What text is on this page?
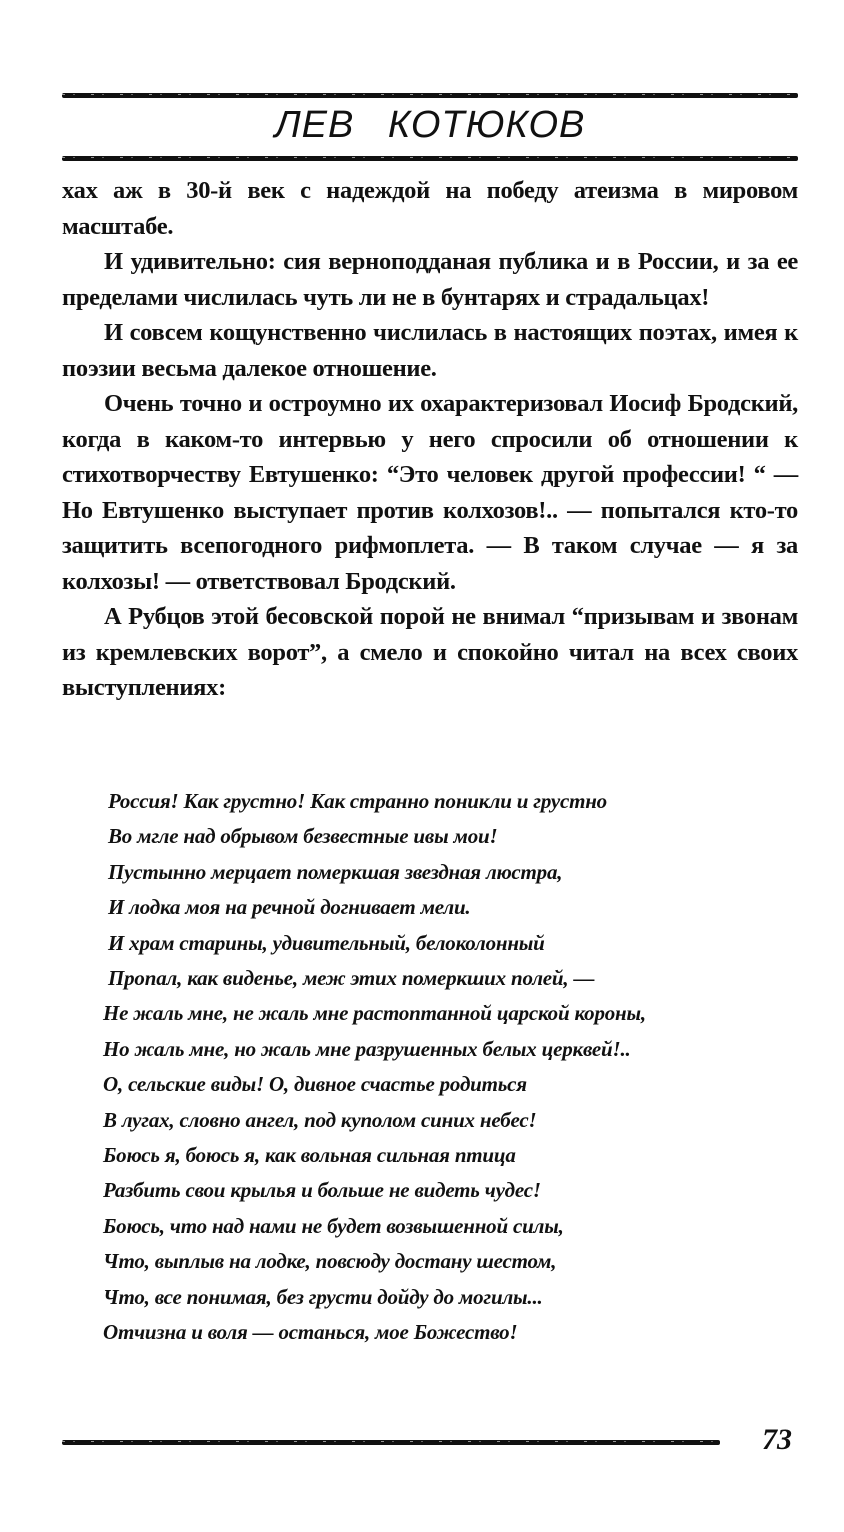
ЛЕВ КОТЮКОВ

хах аж в 30-й век с надеждой на победу атеизма в мировом масштабе.

И удивительно: сия верноподданая публика и в России, и за ее пределами числилась чуть ли не в бунтарях и страдальцах!

И совсем кощунственно числилась в настоящих поэтах, имея к поэзии весьма далекое отношение.

Очень точно и остроумно их охарактеризовал Иосиф Бродский, когда в каком-то интервью у него спросили об отношении к стихотворчеству Евтушенко: “Это человек другой профессии! “ — Но Евтушенко выступает против колхозов!.. — попытался кто-то защитить всепогодного рифмоплета. — В таком случае — я за колхозы! — ответствовал Бродский.

А Рубцов этой бесовской порой не внимал “призывам и звонам из кремлевских ворот”, а смело и спокойно читал на всех своих выступлениях:

Россия! Как грустно! Как странно поникли и грустно
Во мгле над обрывом безвестные ивы мои!
Пустынно мерцает померкшая звездная люстра,
И лодка моя на речной догнивает мели.
И храм старины, удивительный, белоколонный
Пропал, как виденье, меж этих померкших полей, —
Не жаль мне, не жаль мне растоптанной царской короны,
Но жаль мне, но жаль мне разрушенных белых церквей!..
О, сельские виды! О, дивное счастье родиться
В лугах, словно ангел, под куполом синих небес!
Боюсь я, боюсь я, как вольная сильная птица
Разбить свои крылья и больше не видеть чудес!
Боюсь, что над нами не будет возвышенной силы,
Что, выплыв на лодке, повсюду достану шестом,
Что, все понимая, без грусти дойду до могилы...
Отчизна и воля — останься, мое Божество!
73
